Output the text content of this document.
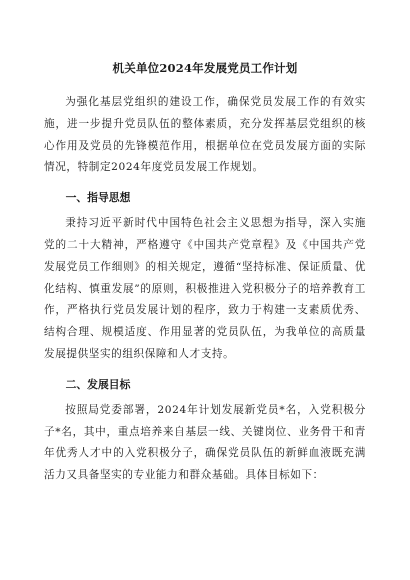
机关单位2024年发展党员工作计划

为强化基层党组织的建设工作，确保党员发展工作的有效实施，进一步提升党员队伍的整体素质，充分发挥基层党组织的核心作用及党员的先锋模范作用，根据单位在党员发展方面的实际情况，特制定2024年度党员发展工作规划。

一、指导思想

秉持习近平新时代中国特色社会主义思想为指导，深入实施党的二十大精神，严格遵守《中国共产党章程》及《中国共产党发展党员工作细则》的相关规定，遵循“坚持标准、保证质量、优化结构、慎重发展”的原则，积极推进入党积极分子的培养教育工作，严格执行党员发展计划的程序，致力于构建一支素质优秀、结构合理、规模适度、作用显著的党员队伍，为我单位的高质量发展提供坚实的组织保障和人才支持。

二、发展目标

按照局党委部署，2024年计划发展新党员*名，入党积极分子*名，其中，重点培养来自基层一线、关键岗位、业务骨干和青年优秀人才中的入党积极分子，确保党员队伍的新鲜血液既充满活力又具备坚实的专业能力和群众基础。具体目标如下：
